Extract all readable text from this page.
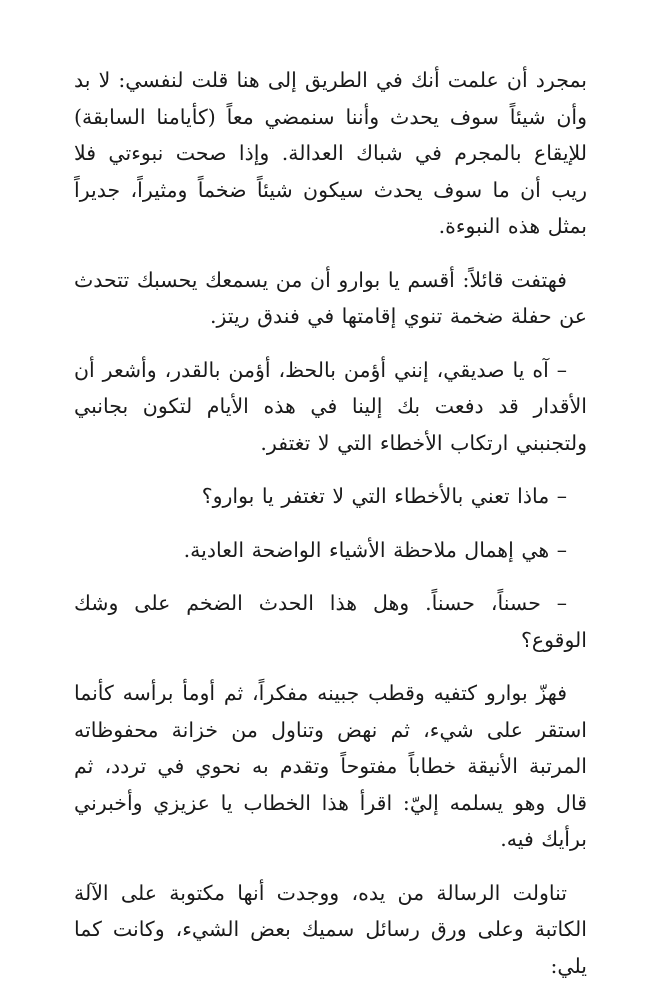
بمجرد أن علمت أنك في الطريق إلى هنا قلت لنفسي: لا بد وأن شيئاً سوف يحدث وأننا سنمضي معاً (كأيامنا السابقة) للإيقاع بالمجرم في شباك العدالة. وإذا صحت نبوءتي فلا ريب أن ما سوف يحدث سيكون شيئاً ضخماً ومثيراً، جديراً بمثل هذه النبوءة.

فهتفت قائلاً: أقسم يا بوارو أن من يسمعك يحسبك تتحدث عن حفلة ضخمة تنوي إقامتها في فندق ريتز.

– آه يا صديقي، إنني أؤمن بالحظ، أؤمن بالقدر، وأشعر أن الأقدار قد دفعت بك إلينا في هذه الأيام لتكون بجانبي ولتجنبني ارتكاب الأخطاء التي لا تغتفر.

– ماذا تعني بالأخطاء التي لا تغتفر يا بوارو؟

– هي إهمال ملاحظة الأشياء الواضحة العادية.

– حسناً، حسناً. وهل هذا الحدث الضخم على وشك الوقوع؟

فهزّ بوارو كتفيه وقطب جبينه مفكراً، ثم أومأ برأسه كأنما استقر على شيء، ثم نهض وتناول من خزانة محفوظاته المرتبة الأنيقة خطاباً مفتوحاً وتقدم به نحوي في تردد، ثم قال وهو يسلمه إليّ: اقرأ هذا الخطاب يا عزيزي وأخبرني برأيك فيه.

تناولت الرسالة من يده، ووجدت أنها مكتوبة على الآلة الكاتبة وعلى ورق رسائل سميك بعض الشيء، وكانت كما يلي:
